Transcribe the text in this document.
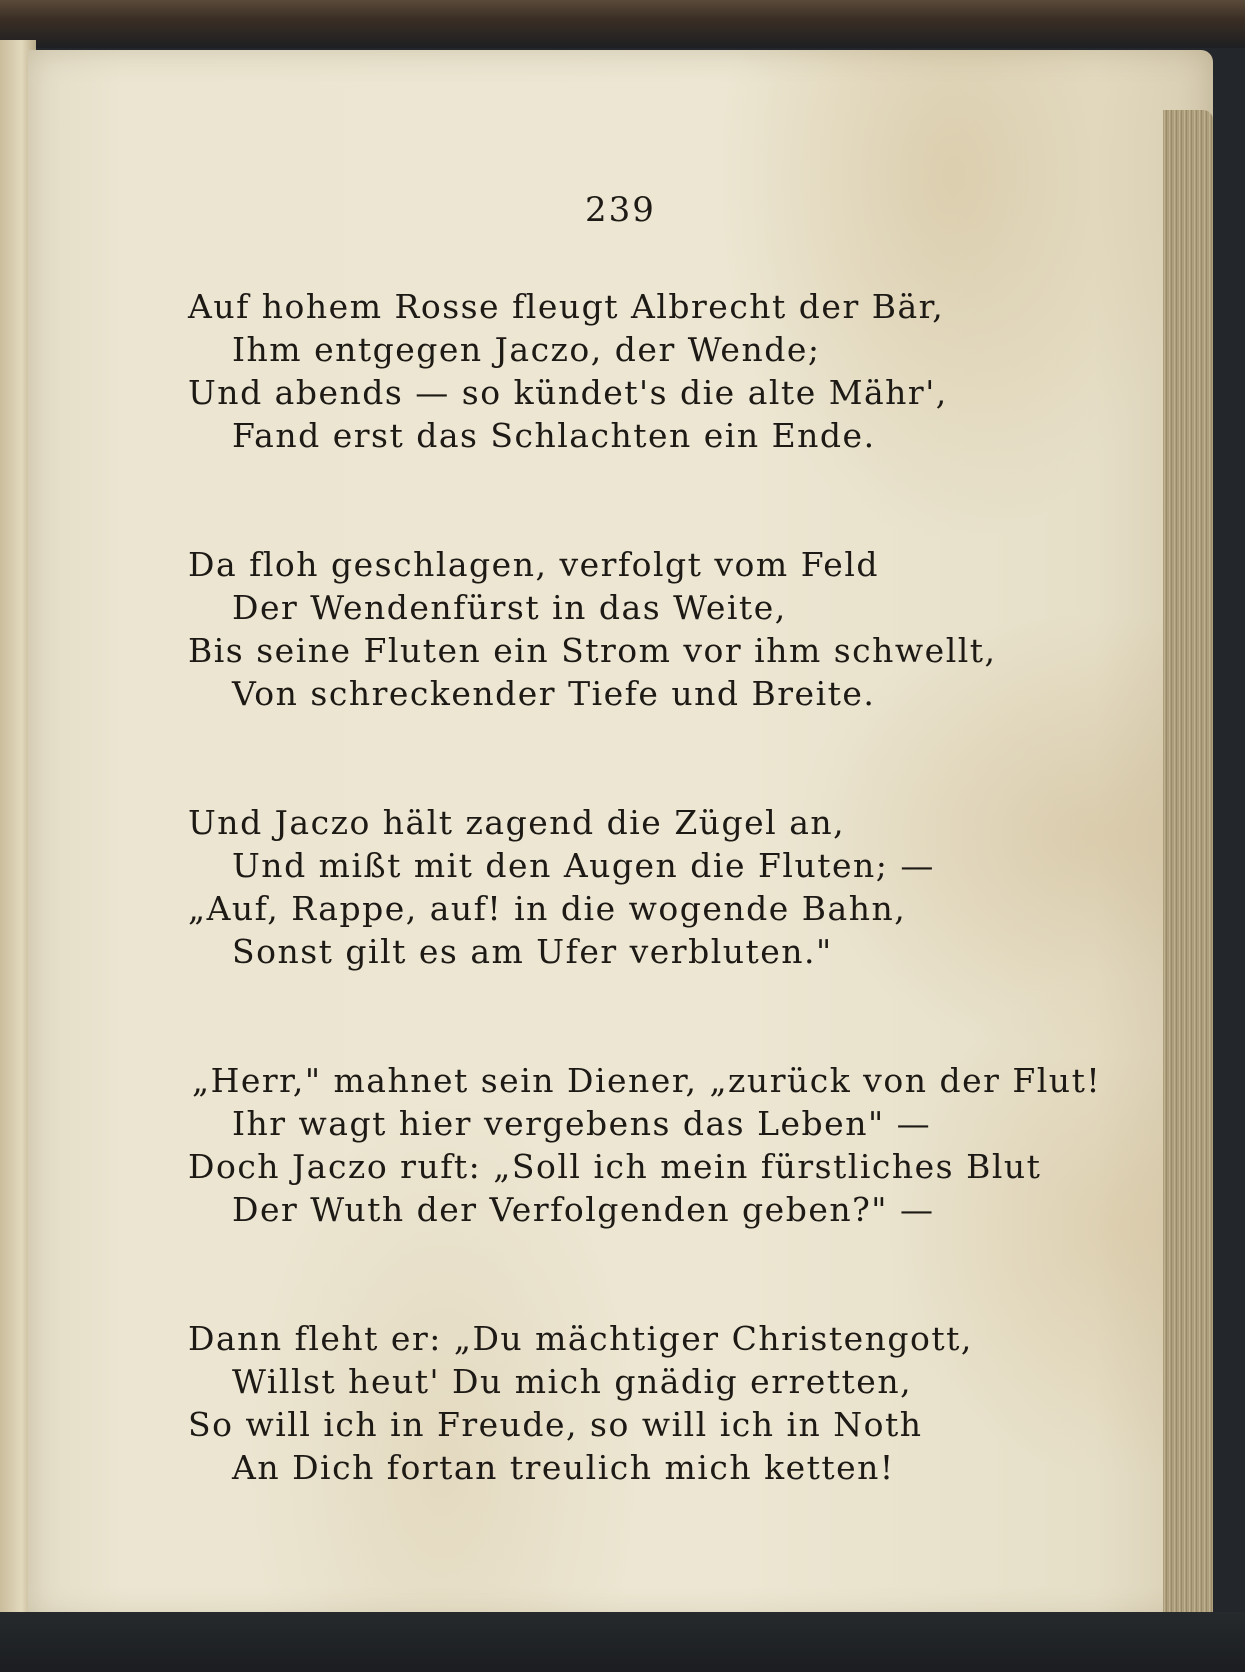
239
Auf hohem Rosse fleugt Albrecht der Bär,
Ihm entgegen Jaczo, der Wende;
Und abends — so kündet's die alte Mähr',
Fand erst das Schlachten ein Ende.
Da floh geschlagen, verfolgt vom Feld
Der Wendenfürst in das Weite,
Bis seine Fluten ein Strom vor ihm schwellt,
Von schreckender Tiefe und Breite.
Und Jaczo hält zagend die Zügel an,
Und mißt mit den Augen die Fluten; —
„Auf, Rappe, auf! in die wogende Bahn,
Sonst gilt es am Ufer verbluten."
„Herr," mahnet sein Diener, „zurück von der Flut!
Ihr wagt hier vergebens das Leben" —
Doch Jaczo ruft: „Soll ich mein fürstliches Blut
Der Wuth der Verfolgenden geben?" —
Dann fleht er: „Du mächtiger Christengott,
Willst heut' Du mich gnädig erretten,
So will ich in Freude, so will ich in Noth
An Dich fortan treulich mich ketten!
